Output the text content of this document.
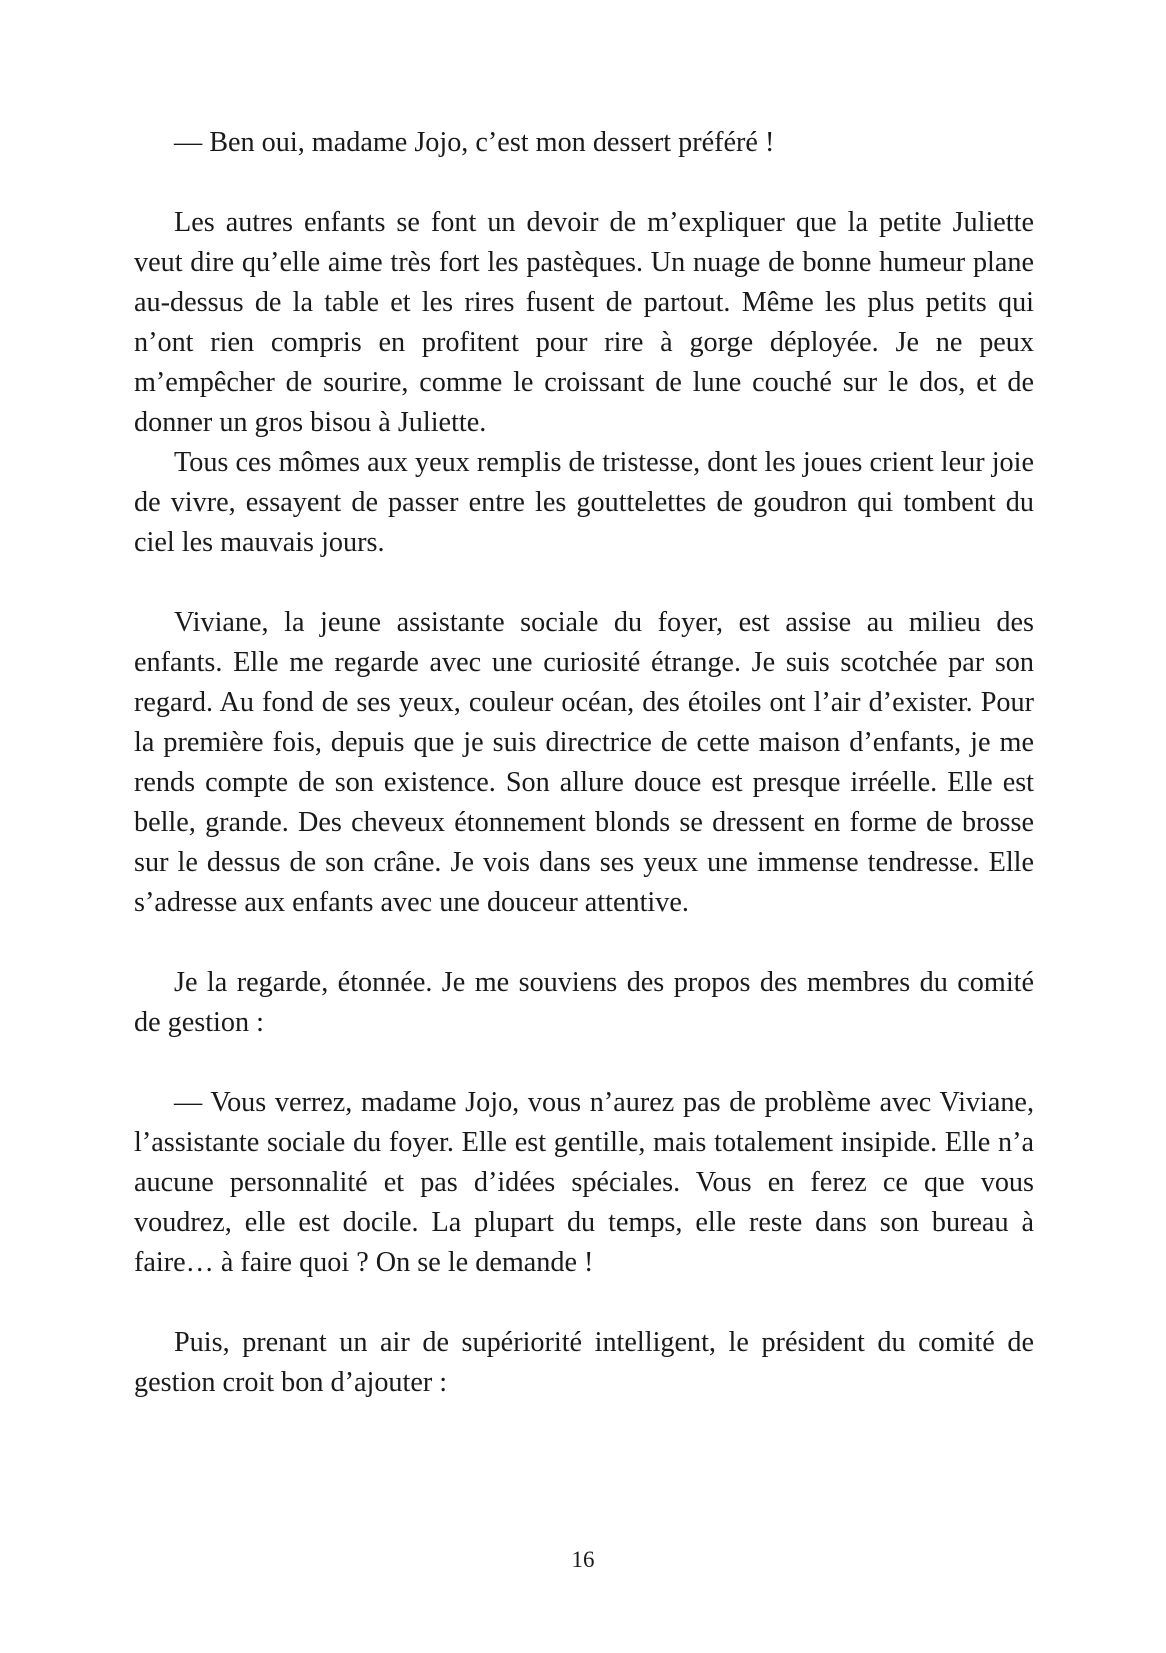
— Ben oui, madame Jojo, c’est mon dessert préféré !

Les autres enfants se font un devoir de m’expliquer que la petite Juliette veut dire qu’elle aime très fort les pastèques. Un nuage de bonne humeur plane au-dessus de la table et les rires fusent de partout. Même les plus petits qui n’ont rien compris en profitent pour rire à gorge déployée. Je ne peux m’empêcher de sourire, comme le croissant de lune couché sur le dos, et de donner un gros bisou à Juliette.

Tous ces mômes aux yeux remplis de tristesse, dont les joues crient leur joie de vivre, essayent de passer entre les gouttelettes de goudron qui tombent du ciel les mauvais jours.

Viviane, la jeune assistante sociale du foyer, est assise au milieu des enfants. Elle me regarde avec une curiosité étrange. Je suis scotchée par son regard. Au fond de ses yeux, couleur océan, des étoiles ont l’air d’exister. Pour la première fois, depuis que je suis directrice de cette maison d’enfants, je me rends compte de son existence. Son allure douce est presque irréelle. Elle est belle, grande. Des cheveux étonnement blonds se dressent en forme de brosse sur le dessus de son crâne. Je vois dans ses yeux une immense tendresse. Elle s’adresse aux enfants avec une douceur attentive.

Je la regarde, étonnée. Je me souviens des propos des membres du comité de gestion :

— Vous verrez, madame Jojo, vous n’aurez pas de problème avec Viviane, l’assistante sociale du foyer. Elle est gentille, mais totalement insipide. Elle n’a aucune personnalité et pas d’idées spéciales. Vous en ferez ce que vous voudrez, elle est docile. La plupart du temps, elle reste dans son bureau à faire… à faire quoi ? On se le demande !

Puis, prenant un air de supériorité intelligent, le président du comité de gestion croit bon d’ajouter :

16
